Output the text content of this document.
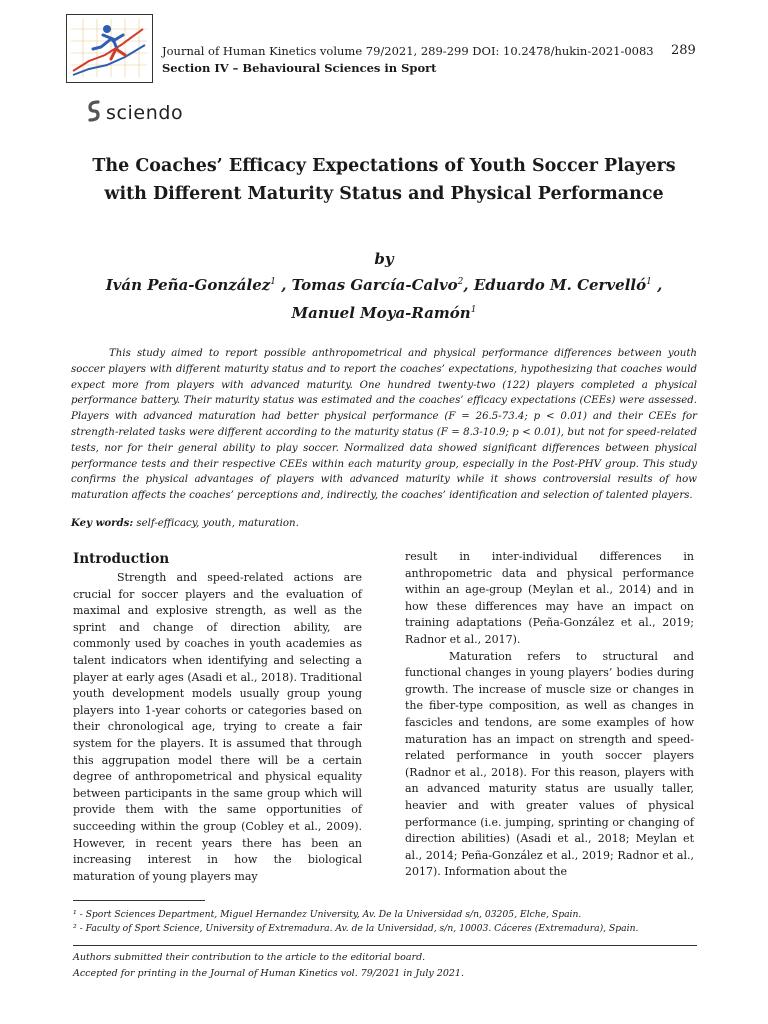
Journal of Human Kinetics volume 79/2021, 289-299 DOI: 10.2478/hukin-2021-0083 289
Section IV – Behavioural Sciences in Sport
sciendo
The Coaches’ Efficacy Expectations of Youth Soccer Players
with Different Maturity Status and Physical Performance
by
Iván Peña-González$^1$ , Tomas García-Calvo$^2$, Eduardo M. Cervelló$^1$ ,
Manuel Moya-Ramón$^1$

This study aimed to report possible anthropometrical and physical performance differences between youth soccer players with different maturity status and to report the coaches’ expectations, hypothesizing that coaches would expect more from players with advanced maturity. One hundred twenty-two (122) players completed a physical performance battery. Their maturity status was estimated and the coaches’ efficacy expectations (CEEs) were assessed. Players with advanced maturation had better physical performance (F = 26.5-73.4; p < 0.01) and their CEEs for strength-related tasks were different according to the maturity status (F = 8.3-10.9; p < 0.01), but not for speed-related tests, nor for their general ability to play soccer. Normalized data showed significant differences between physical performance tests and their respective CEEs within each maturity group, especially in the Post-PHV group. This study confirms the physical advantages of players with advanced maturity while it shows controversial results of how maturation affects the coaches’ perceptions and, indirectly, the coaches’ identification and selection of talented players.

Key words: self-efficacy, youth, maturation.
Introduction

Strength and speed-related actions are crucial for soccer players and the evaluation of maximal and explosive strength, as well as the sprint and change of direction ability, are commonly used by coaches in youth academies as talent indicators when identifying and selecting a player at early ages (Asadi et al., 2018). Traditional youth development models usually group young players into 1-year cohorts or categories based on their chronological age, trying to create a fair system for the players. It is assumed that through this aggrupation model there will be a certain degree of anthropometrical and physical equality between participants in the same group which will provide them with the same opportunities of succeeding within the group (Cobley et al., 2009). However, in recent years there has been an increasing interest in how the biological maturation of young players may

result in inter-individual differences in anthropometric data and physical performance within an age-group (Meylan et al., 2014) and in how these differences may have an impact on training adaptations (Peña-González et al., 2019; Radnor et al., 2017).

Maturation refers to structural and functional changes in young players’ bodies during growth. The increase of muscle size or changes in the fiber-type composition, as well as changes in fascicles and tendons, are some examples of how maturation has an impact on strength and speed-related performance in youth soccer players (Radnor et al., 2018). For this reason, players with an advanced maturity status are usually taller, heavier and with greater values of physical performance (i.e. jumping, sprinting or changing of direction abilities) (Asadi et al., 2018; Meylan et al., 2014; Peña-González et al., 2019; Radnor et al., 2017). Information about the

¹ - Sport Sciences Department, Miguel Hernandez University, Av. De la Universidad s/n, 03205, Elche, Spain.
² - Faculty of Sport Science, University of Extremadura. Av. de la Universidad, s/n, 10003. Cáceres (Extremadura), Spain.
Authors submitted their contribution to the article to the editorial board.
Accepted for printing in the Journal of Human Kinetics vol. 79/2021 in July 2021.
